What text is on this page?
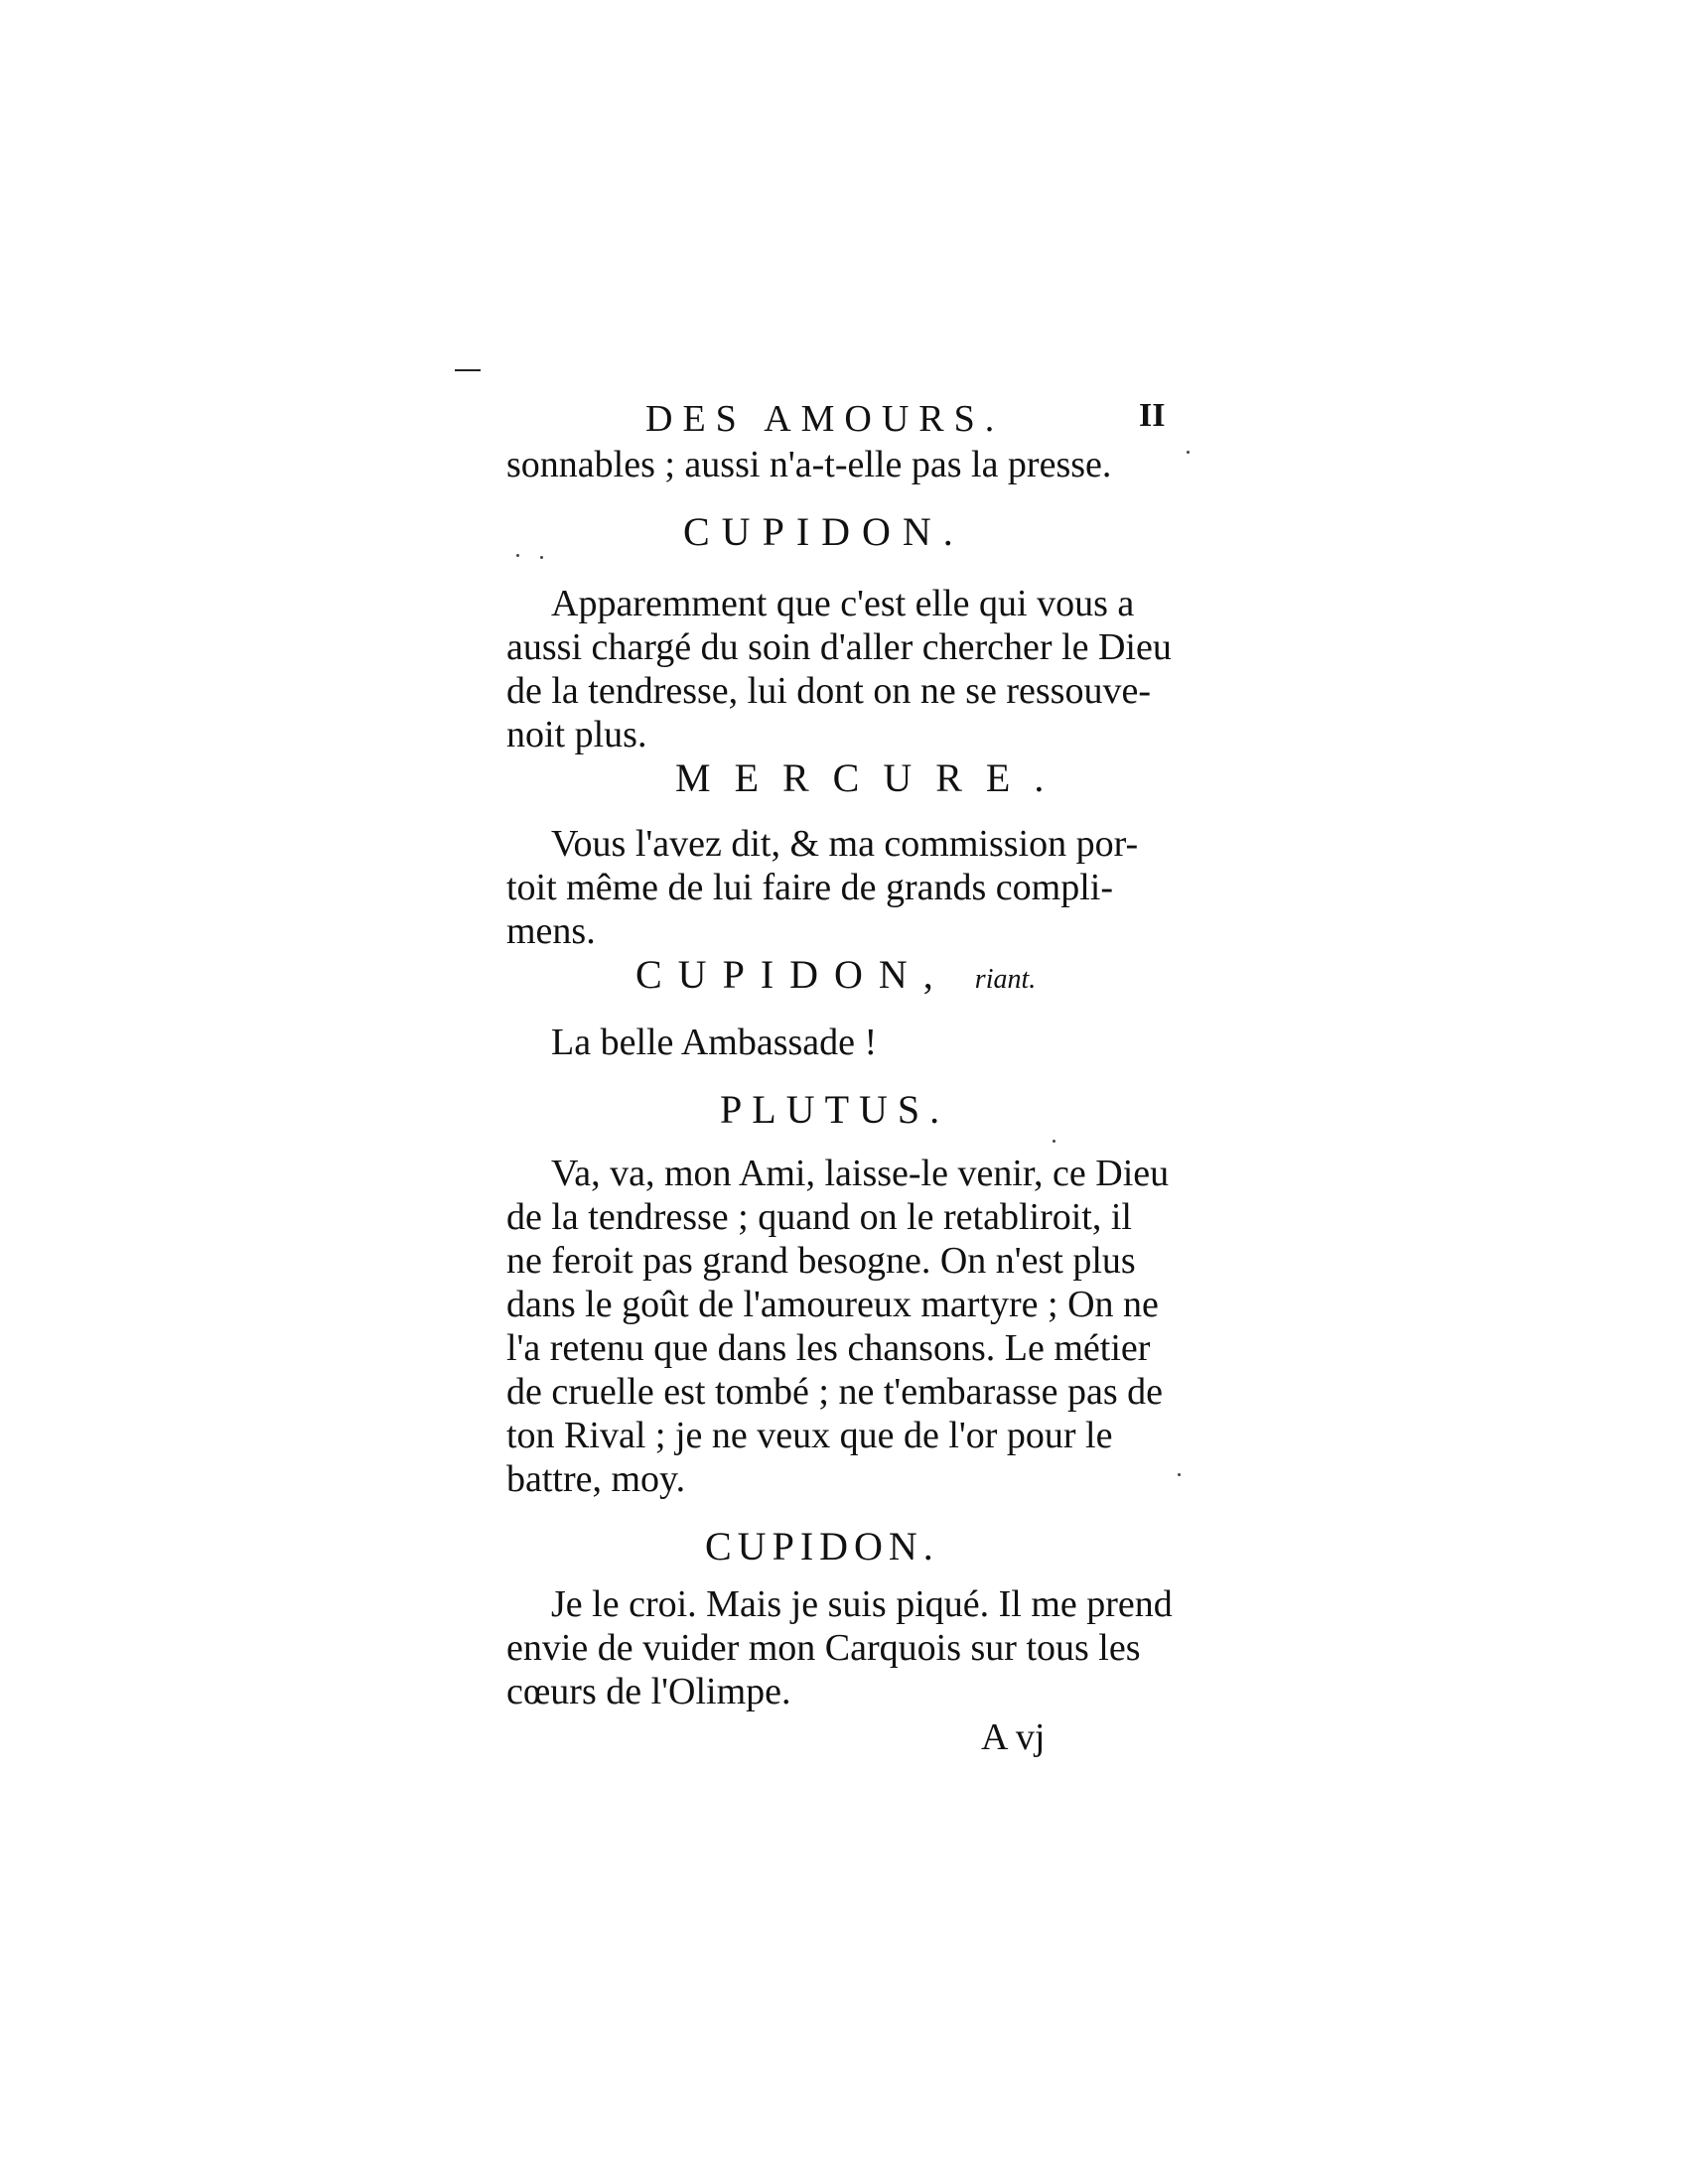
DES AMOURS.	II
sonnables ; aussi n'a-t-elle pas la presse.
CUPIDON.
Apparemment que c'est elle qui vous a
aussi chargé du soin d'aller chercher le Dieu
de la tendresse, lui dont on ne se ressouve-
noit plus.
MERCURE.
Vous l'avez dit, & ma commission por-
toit même de lui faire de grands compli-
mens.
CUPIDON, riant.
La belle Ambassade !
PLUTUS.
Va, va, mon Ami, laisse-le venir, ce Dieu
de la tendresse ; quand on le retabliroit, il
ne feroit pas grand besogne. On n'est plus
dans le goût de l'amoureux martyre ; On ne
l'a retenu que dans les chansons. Le métier
de cruelle est tombé ; ne t'embarasse pas de
ton Rival ; je ne veux que de l'or pour le
battre, moy.
CUPIDON.
Je le croi. Mais je suis piqué. Il me prend
envie de vuider mon Carquois sur tous les
cœurs de l'Olimpe.
A vj
